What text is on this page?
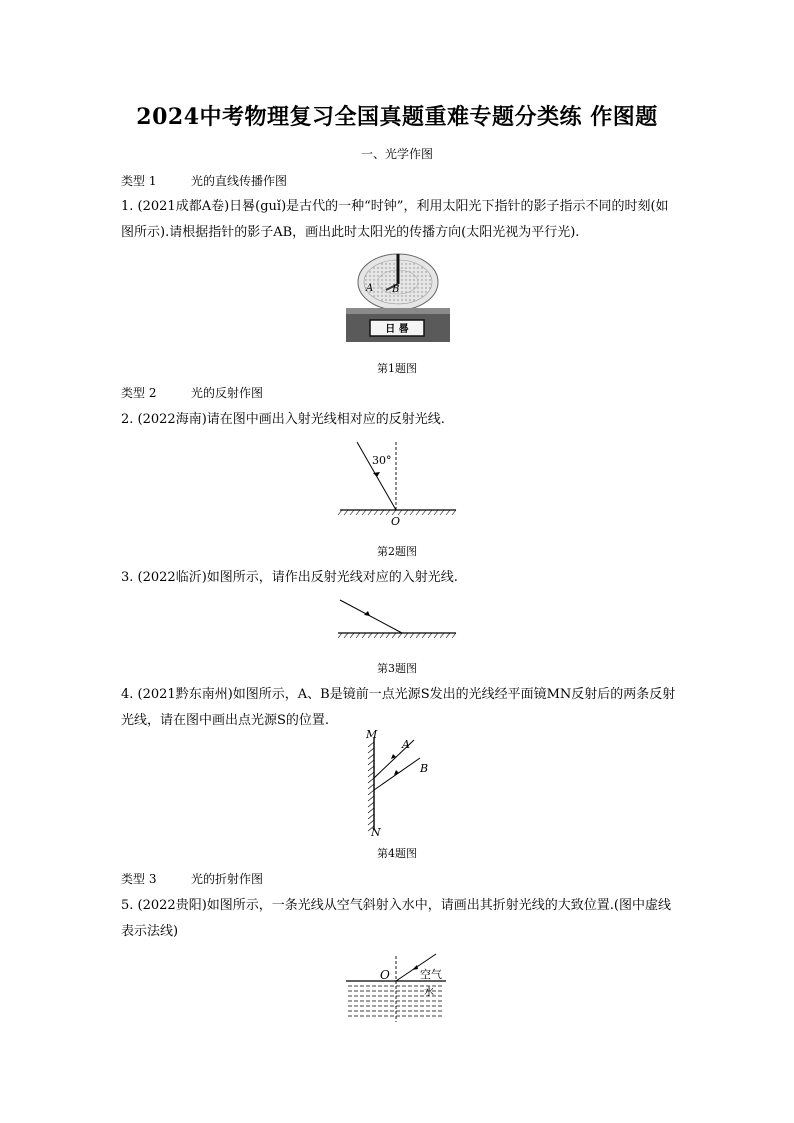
2024中考物理复习全国真题重难专题分类练 作图题
一、光学作图
类型 1	光的直线传播作图
1. (2021成都A卷)日晷(guǐ)是古代的一种“时钟”，利用太阳光下指针的影子指示不同的时刻(如图所示).请根据指针的影子AB，画出此时太阳光的传播方向(太阳光视为平行光).
A B
日 晷
第1题图
类型 2	光的反射作图
2. (2022海南)请在图中画出入射光线相对应的反射光线.
30°
O
第2题图
3. (2022临沂)如图所示，请作出反射光线对应的入射光线.
第3题图
4. (2021黔东南州)如图所示，A、B是镜前一点光源S发出的光线经平面镜MN反射后的两条反射光线，请在图中画出点光源S的位置.
M
N
A
B
第4题图
类型 3	光的折射作图
5. (2022贵阳)如图所示，一条光线从空气斜射入水中，请画出其折射光线的大致位置.(图中虚线表示法线)
O	空气
水
